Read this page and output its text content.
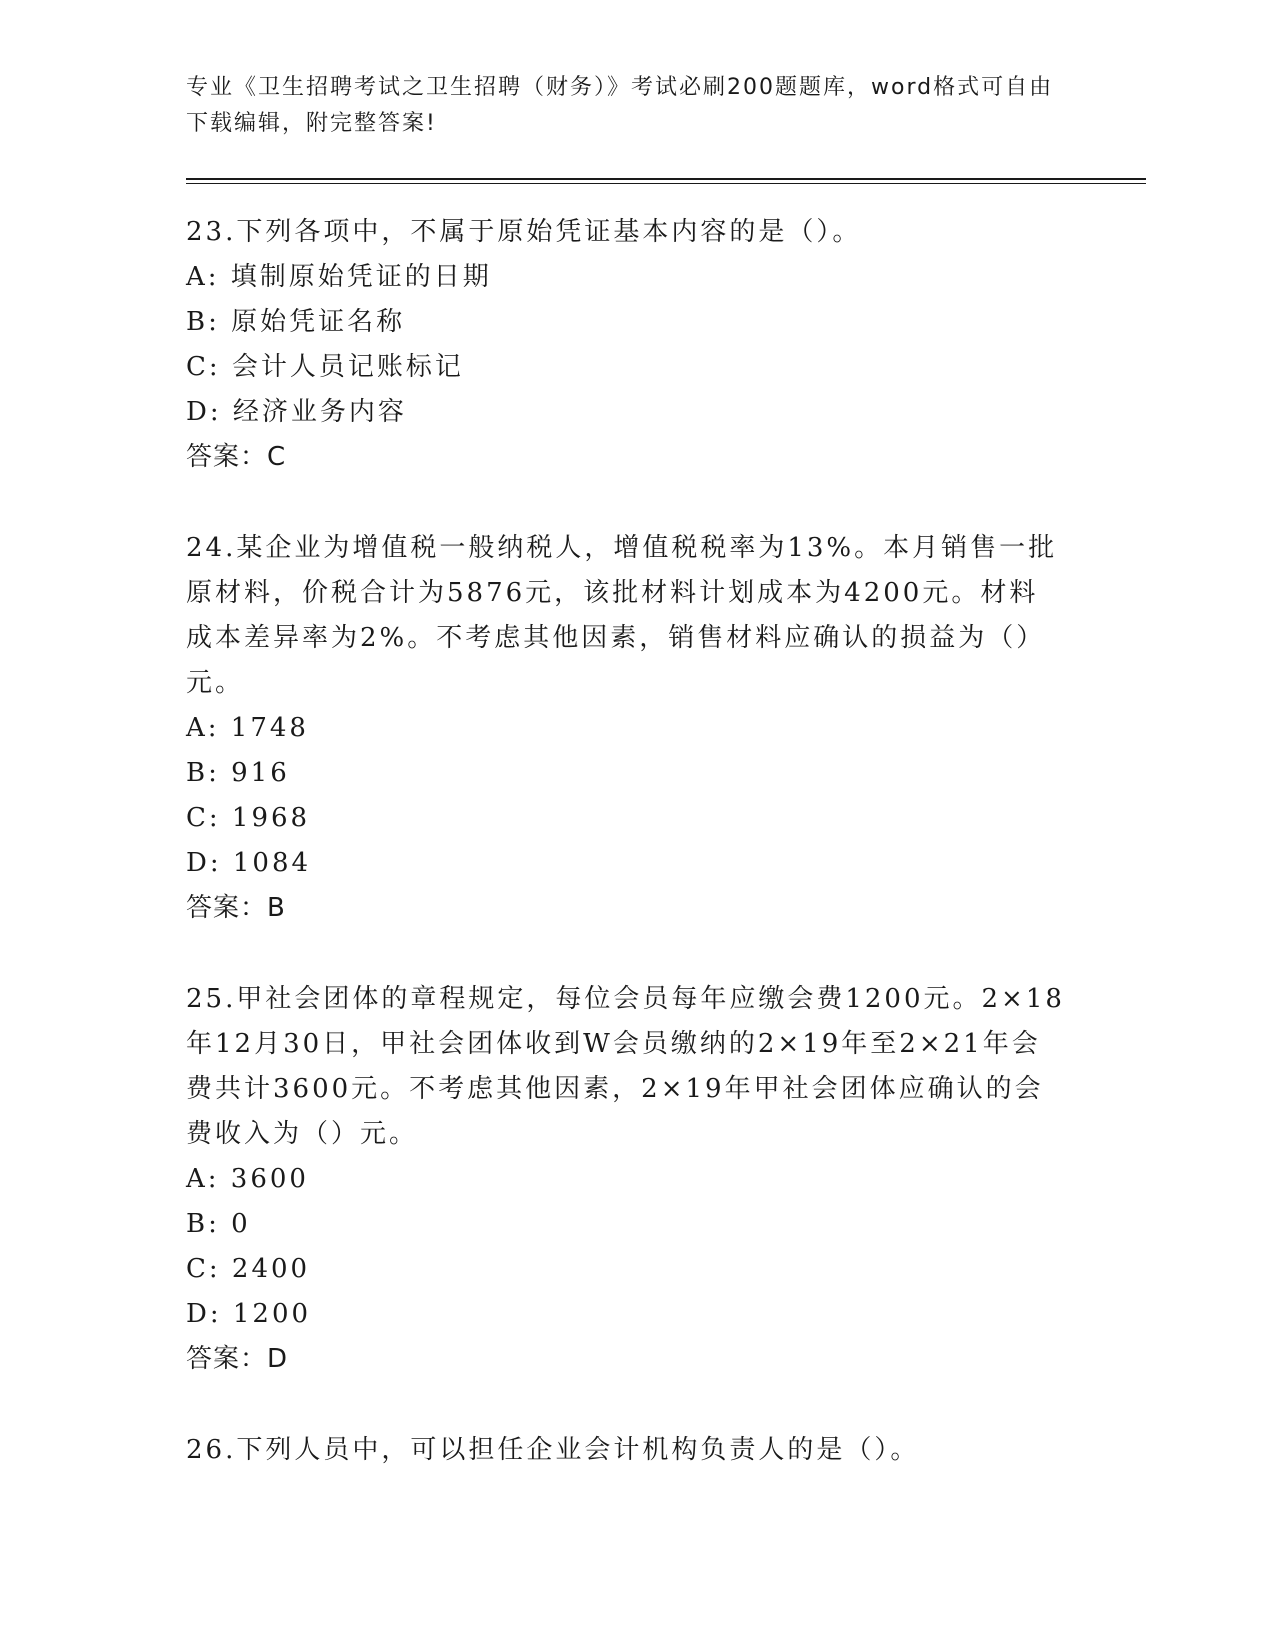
专业《卫生招聘考试之卫生招聘（财务）》考试必刷200题题库，word格式可自由下载编辑，附完整答案!

23.下列各项中，不属于原始凭证基本内容的是（）。

A: 填制原始凭证的日期
B: 原始凭证名称
C: 会计人员记账标记
D: 经济业务内容
答案：C

24.某企业为增值税一般纳税人，增值税税率为13%。本月销售一批原材料，价税合计为5876元，该批材料计划成本为4200元。材料成本差异率为2%。不考虑其他因素，销售材料应确认的损益为（）元。

A: 1748
B: 916
C: 1968
D: 1084
答案：B

25.甲社会团体的章程规定，每位会员每年应缴会费1200元。2×18年12月30日，甲社会团体收到W会员缴纳的2×19年至2×21年会费共计3600元。不考虑其他因素，2×19年甲社会团体应确认的会费收入为（）元。

A: 3600
B: 0
C: 2400
D: 1200
答案：D

26.下列人员中，可以担任企业会计机构负责人的是（）。
